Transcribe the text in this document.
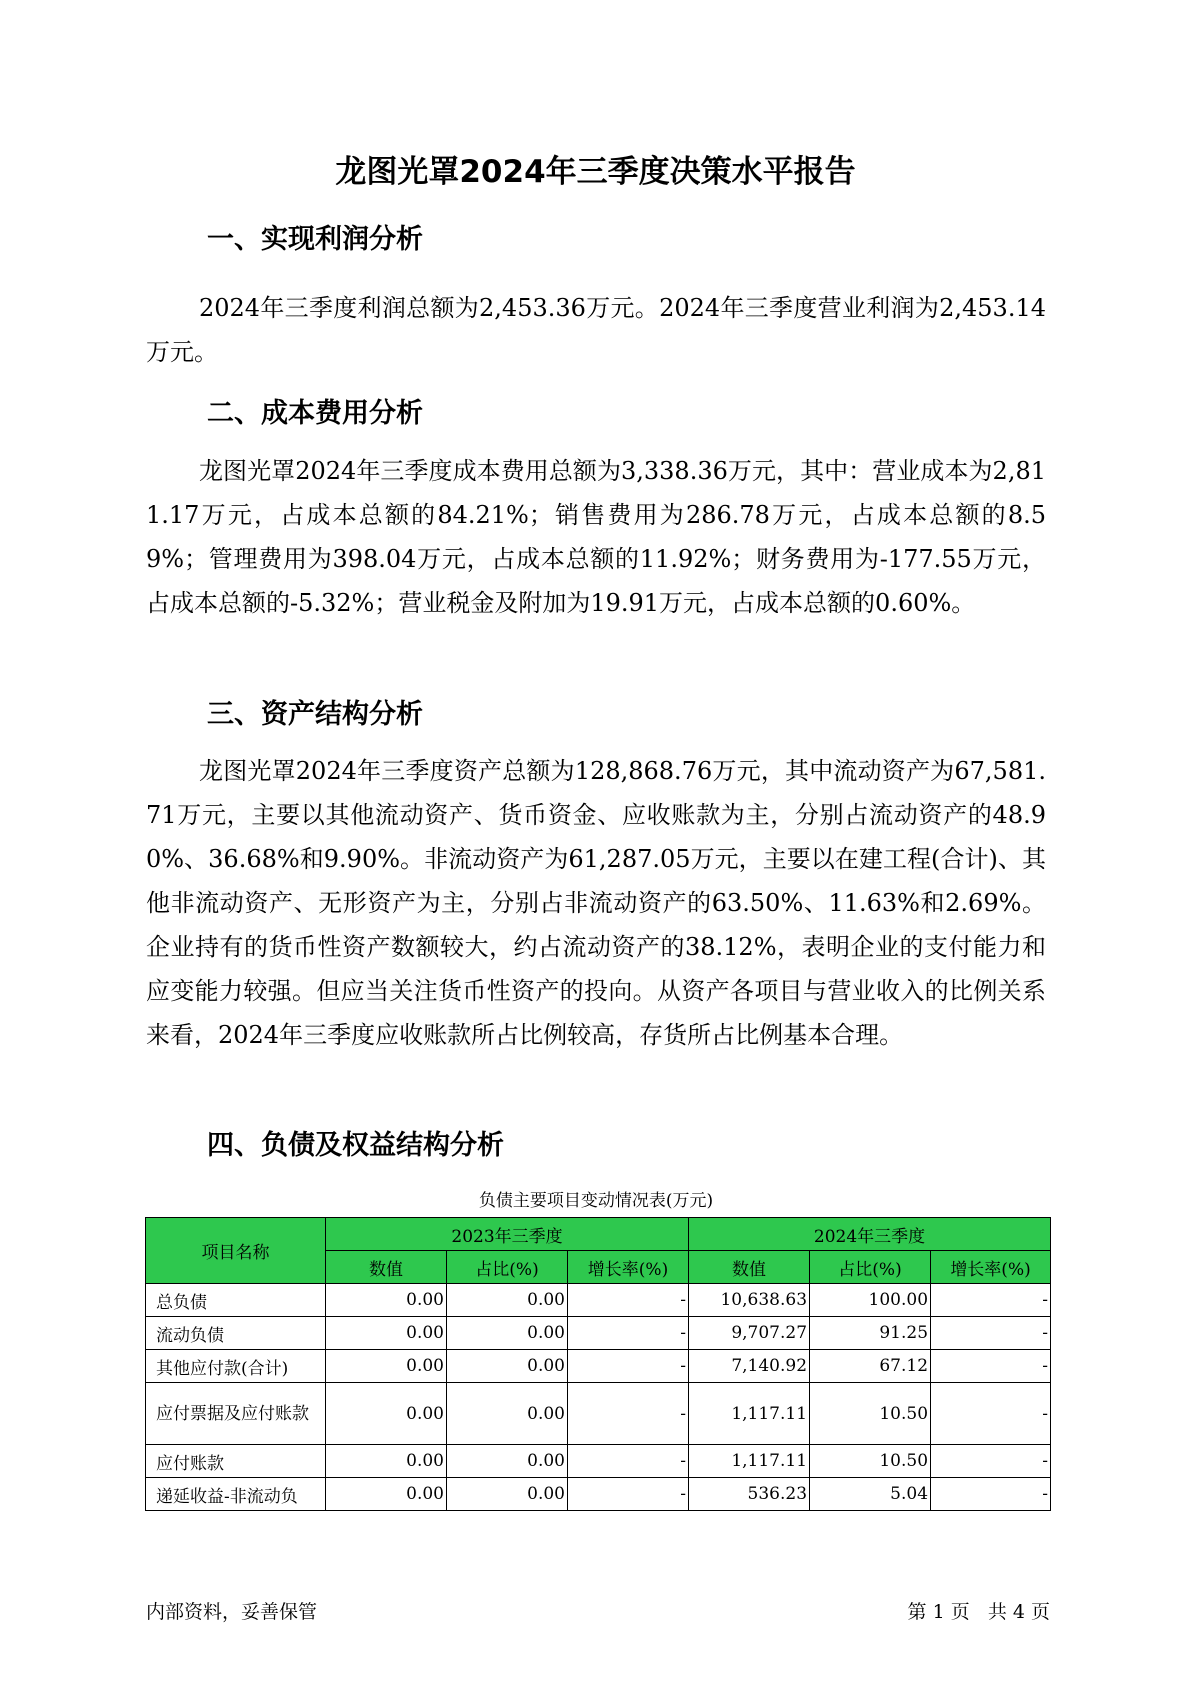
龙图光罩2024年三季度决策水平报告
一、实现利润分析

2024年三季度利润总额为2,453.36万元。2024年三季度营业利润为2,453.14万元。

二、成本费用分析

龙图光罩2024年三季度成本费用总额为3,338.36万元，其中：营业成本为2,811.17万元，占成本总额的84.21%；销售费用为286.78万元，占成本总额的8.59%；管理费用为398.04万元，占成本总额的11.92%；财务费用为-177.55万元，占成本总额的-5.32%；营业税金及附加为19.91万元，占成本总额的0.60%。

三、资产结构分析

龙图光罩2024年三季度资产总额为128,868.76万元，其中流动资产为67,581.71万元，主要以其他流动资产、货币资金、应收账款为主，分别占流动资产的48.90%、36.68%和9.90%。非流动资产为61,287.05万元，主要以在建工程(合计)、其他非流动资产、无形资产为主，分别占非流动资产的63.50%、11.63%和2.69%。企业持有的货币性资产数额较大，约占流动资产的38.12%，表明企业的支付能力和应变能力较强。但应当关注货币性资产的投向。从资产各项目与营业收入的比例关系来看，2024年三季度应收账款所占比例较高，存货所占比例基本合理。

四、负债及权益结构分析

负债主要项目变动情况表(万元)

项目名称	2023年三季度			2024年三季度		
	数值	占比(%)	增长率(%)	数值	占比(%)	增长率(%)
总负债	0.00	0.00	-	10,638.63	100.00	-
流动负债	0.00	0.00	-	9,707.27	91.25	-
其他应付款(合计)	0.00	0.00	-	7,140.92	67.12	-
应付票据及应付账款	0.00	0.00	-	1,117.11	10.50	-
应付账款	0.00	0.00	-	1,117.11	10.50	-
递延收益-非流动负	0.00	0.00	-	536.23	5.04	-

内部资料，妥善保管	第 1 页   共 4 页
